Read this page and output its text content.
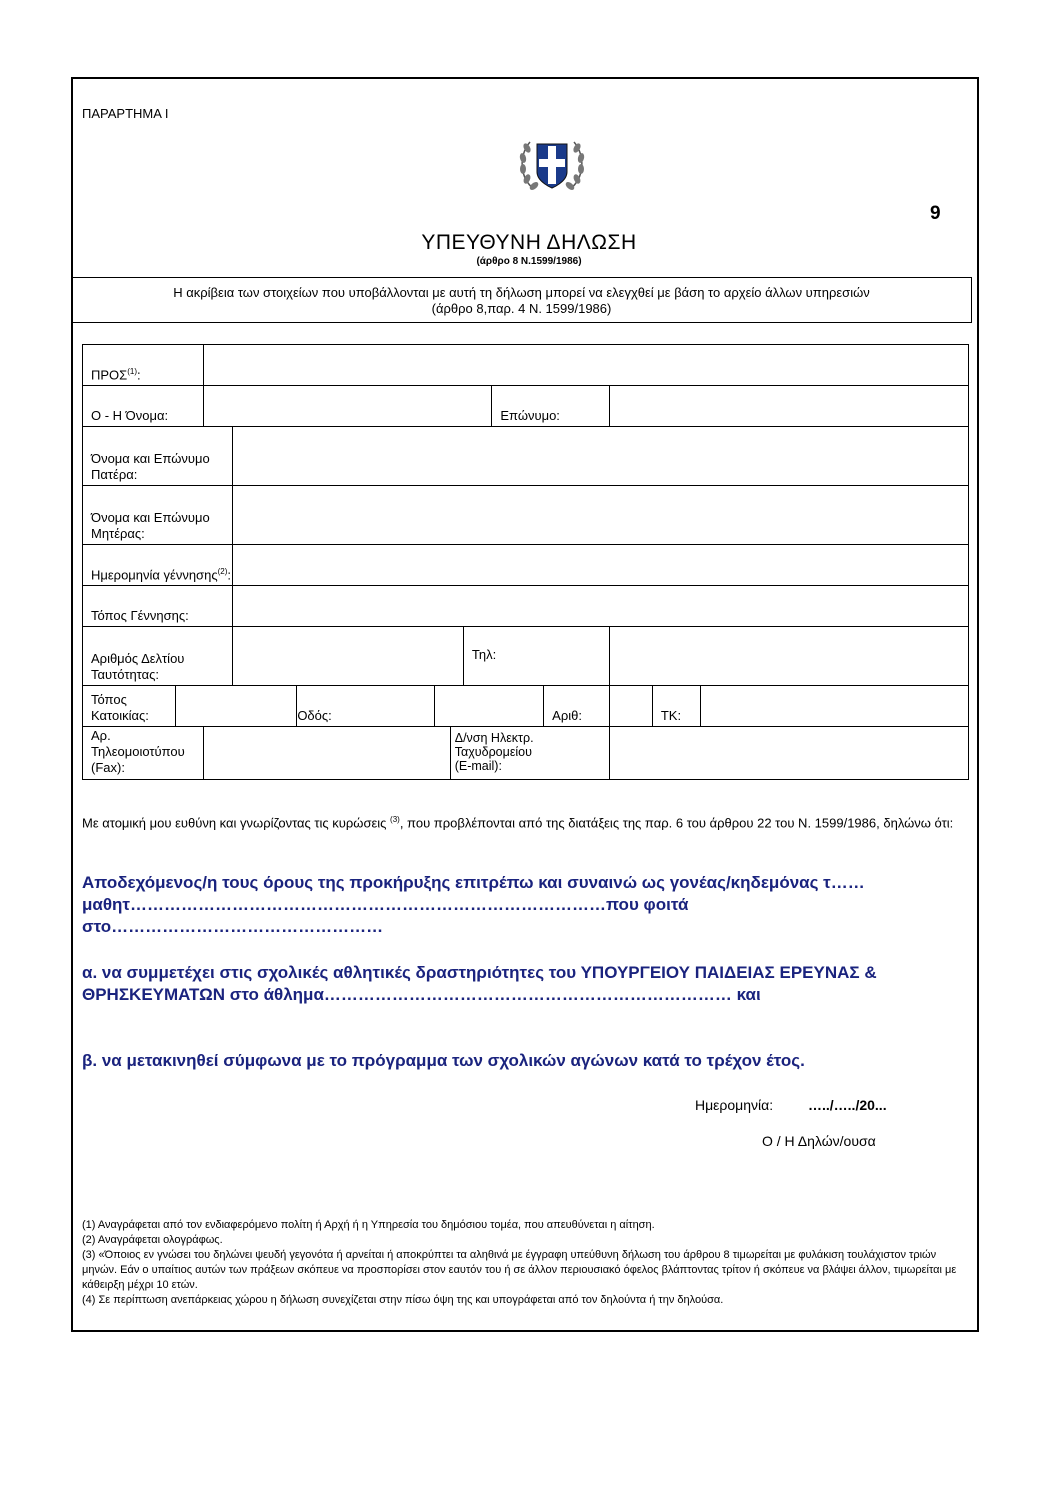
ΠΑΡΑΡΤΗΜΑ Ι
9
ΥΠΕΥΘΥΝΗ ΔΗΛΩΣΗ
(άρθρο 8 Ν.1599/1986)
Η ακρίβεια των στοιχείων που υποβάλλονται με αυτή τη δήλωση μπορεί να ελεγχθεί με βάση το αρχείο άλλων υπηρεσιών
(άρθρο 8,παρ. 4 Ν. 1599/1986)
ΠΡΟΣ$^{(1)}$:												
Ο - Η Όνομα:								Επώνυμο:				

Όνομα και Επώνυμο
Πατέρα:												

Όνομα και Επώνυμο
Μητέρας:												

Ημερομηνία γέννησης$^{(2)}$:												
Τόπος Γέννησης:												

Αριθμός Δελτίου
Ταυτότητας:							Τηλ:					
Τόπος Κατοικίας:				Οδός:					Αριθ:		ΤΚ:	
Αρ. Τηλεομοιοτύπου (Fax):						Δ/νση Ηλεκτρ.
Ταχυδρομείου
(E-mail):						

Με ατομική μου ευθύνη και γνωρίζοντας τις κυρώσεις $^{(3)}$, που προβλέπονται από της διατάξεις της παρ. 6 του άρθρου 22 του Ν. 1599/1986, δηλώνω ότι:
Αποδεχόμενος/η τους όρους της προκήρυξης επιτρέπω και συναινώ ως γονέας/κηδεμόνας τ…… μαθητ…………………………………………………………………………που φοιτά στο…………………………………………
α. να συμμετέχει στις σχολικές αθλητικές δραστηριότητες του ΥΠΟΥΡΓΕΙΟΥ ΠΑΙΔΕΙΑΣ ΕΡΕΥΝΑΣ & ΘΡΗΣΚΕΥΜΑΤΩΝ στο άθλημα……………………………………………………………… και
β. να μετακινηθεί σύμφωνα με το πρόγραμμα των σχολικών αγώνων κατά το τρέχον έτος.
Ημερομηνία: …../…../20...
Ο / Η Δηλών/ουσα
(1) Αναγράφεται από τον ενδιαφερόμενο πολίτη ή Αρχή ή η Υπηρεσία του δημόσιου τομέα, που απευθύνεται η αίτηση.
(2) Αναγράφεται ολογράφως.
(3) «Όποιος εν γνώσει του δηλώνει ψευδή γεγονότα ή αρνείται ή αποκρύπτει τα αληθινά με έγγραφη υπεύθυνη δήλωση του άρθρου 8 τιμωρείται με φυλάκιση τουλάχιστον τριών μηνών. Εάν ο υπαίτιος αυτών των πράξεων σκόπευε να προσπορίσει στον εαυτόν του ή σε άλλον περιουσιακό όφελος βλάπτοντας τρίτον ή σκόπευε να βλάψει άλλον, τιμωρείται με κάθειρξη μέχρι 10 ετών.
(4) Σε περίπτωση ανεπάρκειας χώρου η δήλωση συνεχίζεται στην πίσω όψη της και υπογράφεται από τον δηλούντα ή την δηλούσα.
